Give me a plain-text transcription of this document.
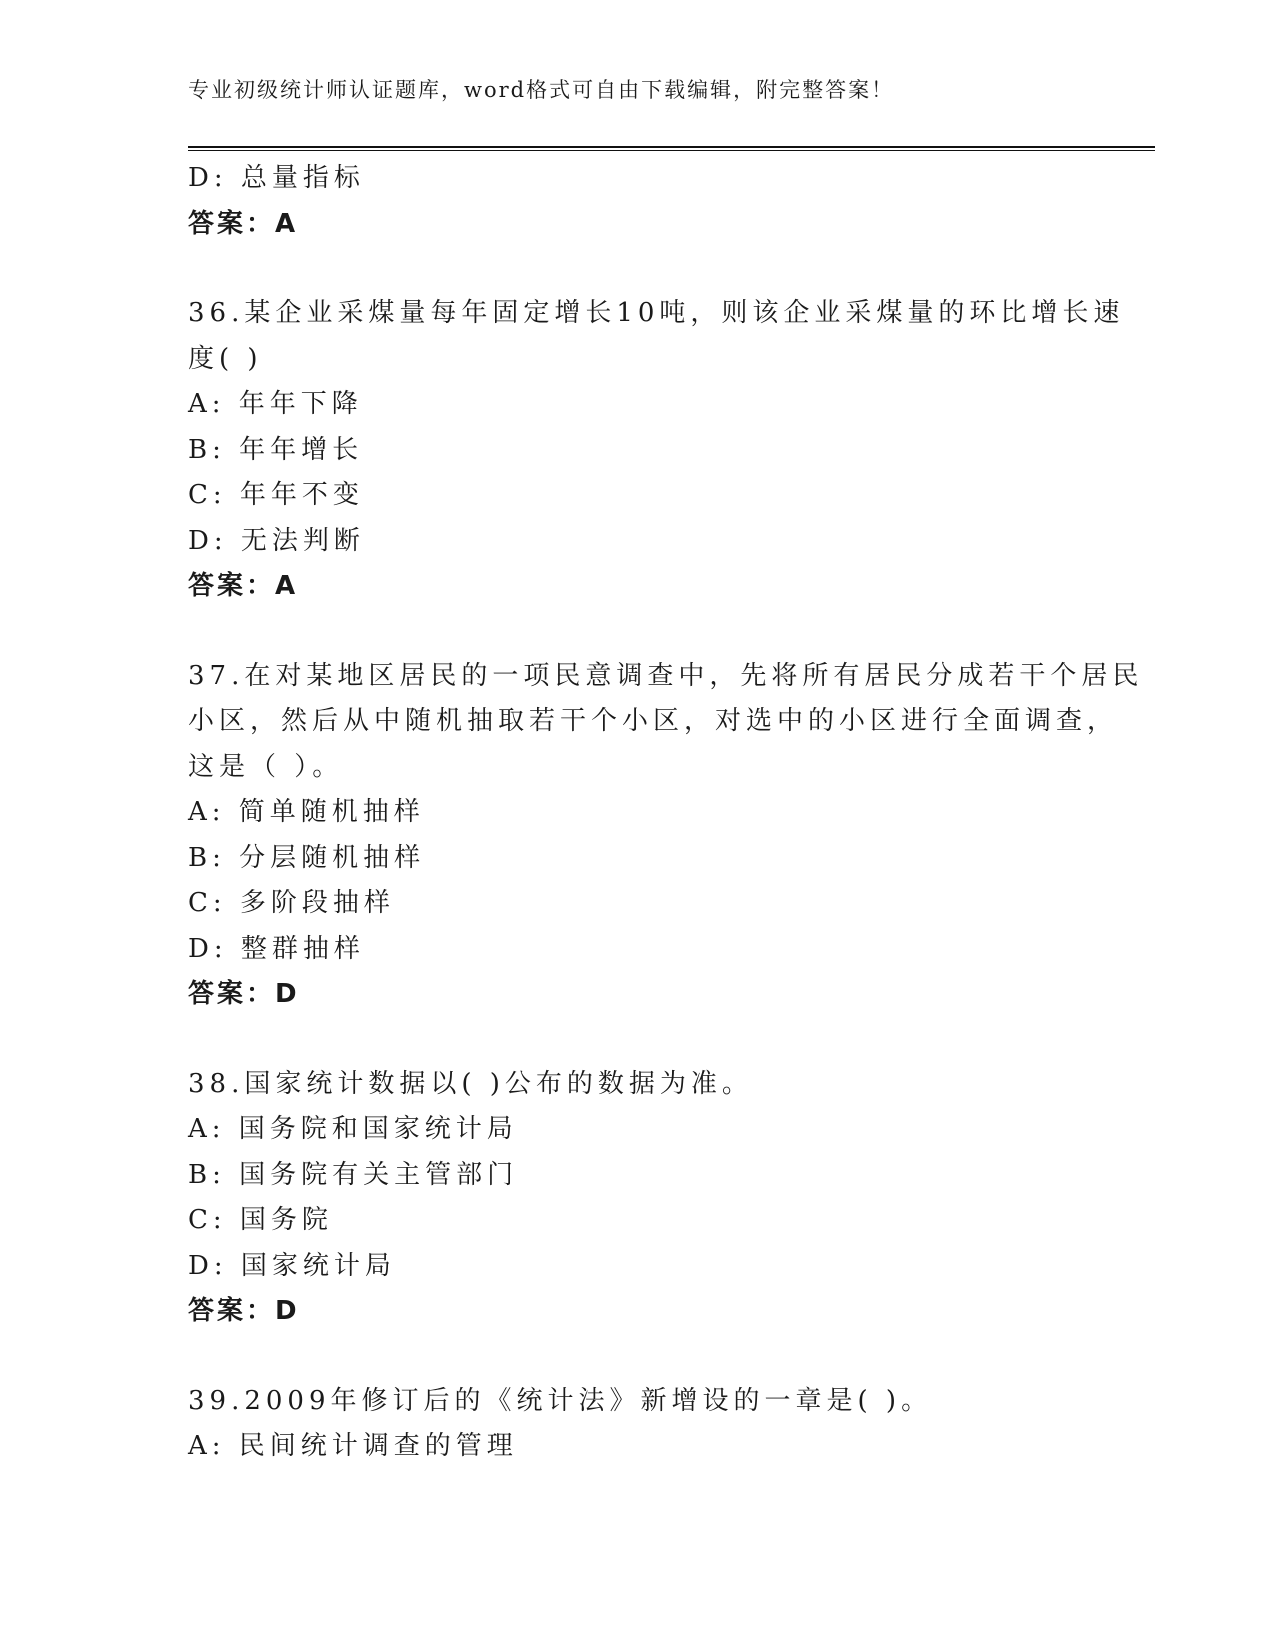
专业初级统计师认证题库，word格式可自由下载编辑，附完整答案！
D: 总量指标
答案：A
36.某企业采煤量每年固定增长10吨，则该企业采煤量的环比增长速
度( )
A: 年年下降
B: 年年增长
C: 年年不变
D: 无法判断
答案：A
37.在对某地区居民的一项民意调查中，先将所有居民分成若干个居民
小区，然后从中随机抽取若干个小区，对选中的小区进行全面调查，
这是（ ）。
A: 简单随机抽样
B: 分层随机抽样
C: 多阶段抽样
D: 整群抽样
答案：D
38.国家统计数据以( )公布的数据为准。
A: 国务院和国家统计局
B: 国务院有关主管部门
C: 国务院
D: 国家统计局
答案：D
39.2009年修订后的《统计法》新增设的一章是( )。
A: 民间统计调查的管理
